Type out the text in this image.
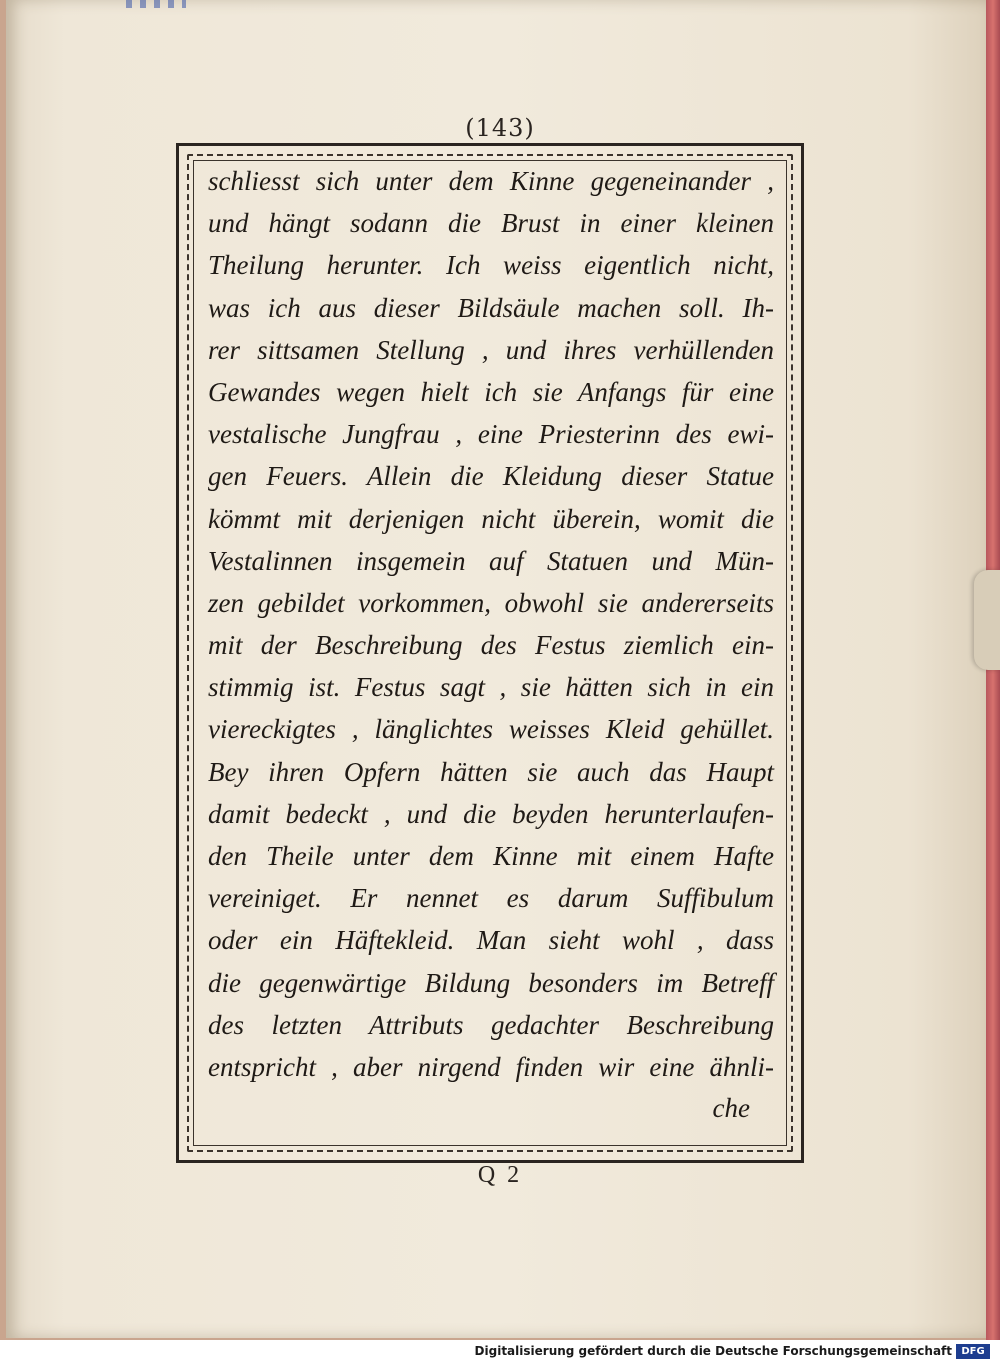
(143)
schliesst sich unter dem Kinne gegeneinander ,
und hängt sodann die Brust in einer kleinen
Theilung herunter. Ich weiss eigentlich nicht,
was ich aus dieser Bildsäule machen soll. Ih-
rer sittsamen Stellung , und ihres verhüllenden
Gewandes wegen hielt ich sie Anfangs für eine
vestalische Jungfrau , eine Priesterinn des ewi-
gen Feuers. Allein die Kleidung dieser Statue
kömmt mit derjenigen nicht überein, womit die
Vestalinnen insgemein auf Statuen und Mün-
zen gebildet vorkommen, obwohl sie andererseits
mit der Beschreibung des Festus ziemlich ein-
stimmig ist. Festus sagt , sie hätten sich in ein
viereckigtes , länglichtes weisses Kleid gehüllet.
Bey ihren Opfern hätten sie auch das Haupt
damit bedeckt , und die beyden herunterlaufen-
den Theile unter dem Kinne mit einem Hafte
vereiniget. Er nennet es darum Suffibulum
oder ein Häftekleid. Man sieht wohl , dass
die gegenwärtige Bildung besonders im Betreff
des letzten Attributs gedachter Beschreibung
entspricht , aber nirgend finden wir eine ähnli-
che
Q 2
Digitalisierung gefördert durch die Deutsche Forschungsgemeinschaft DFG
